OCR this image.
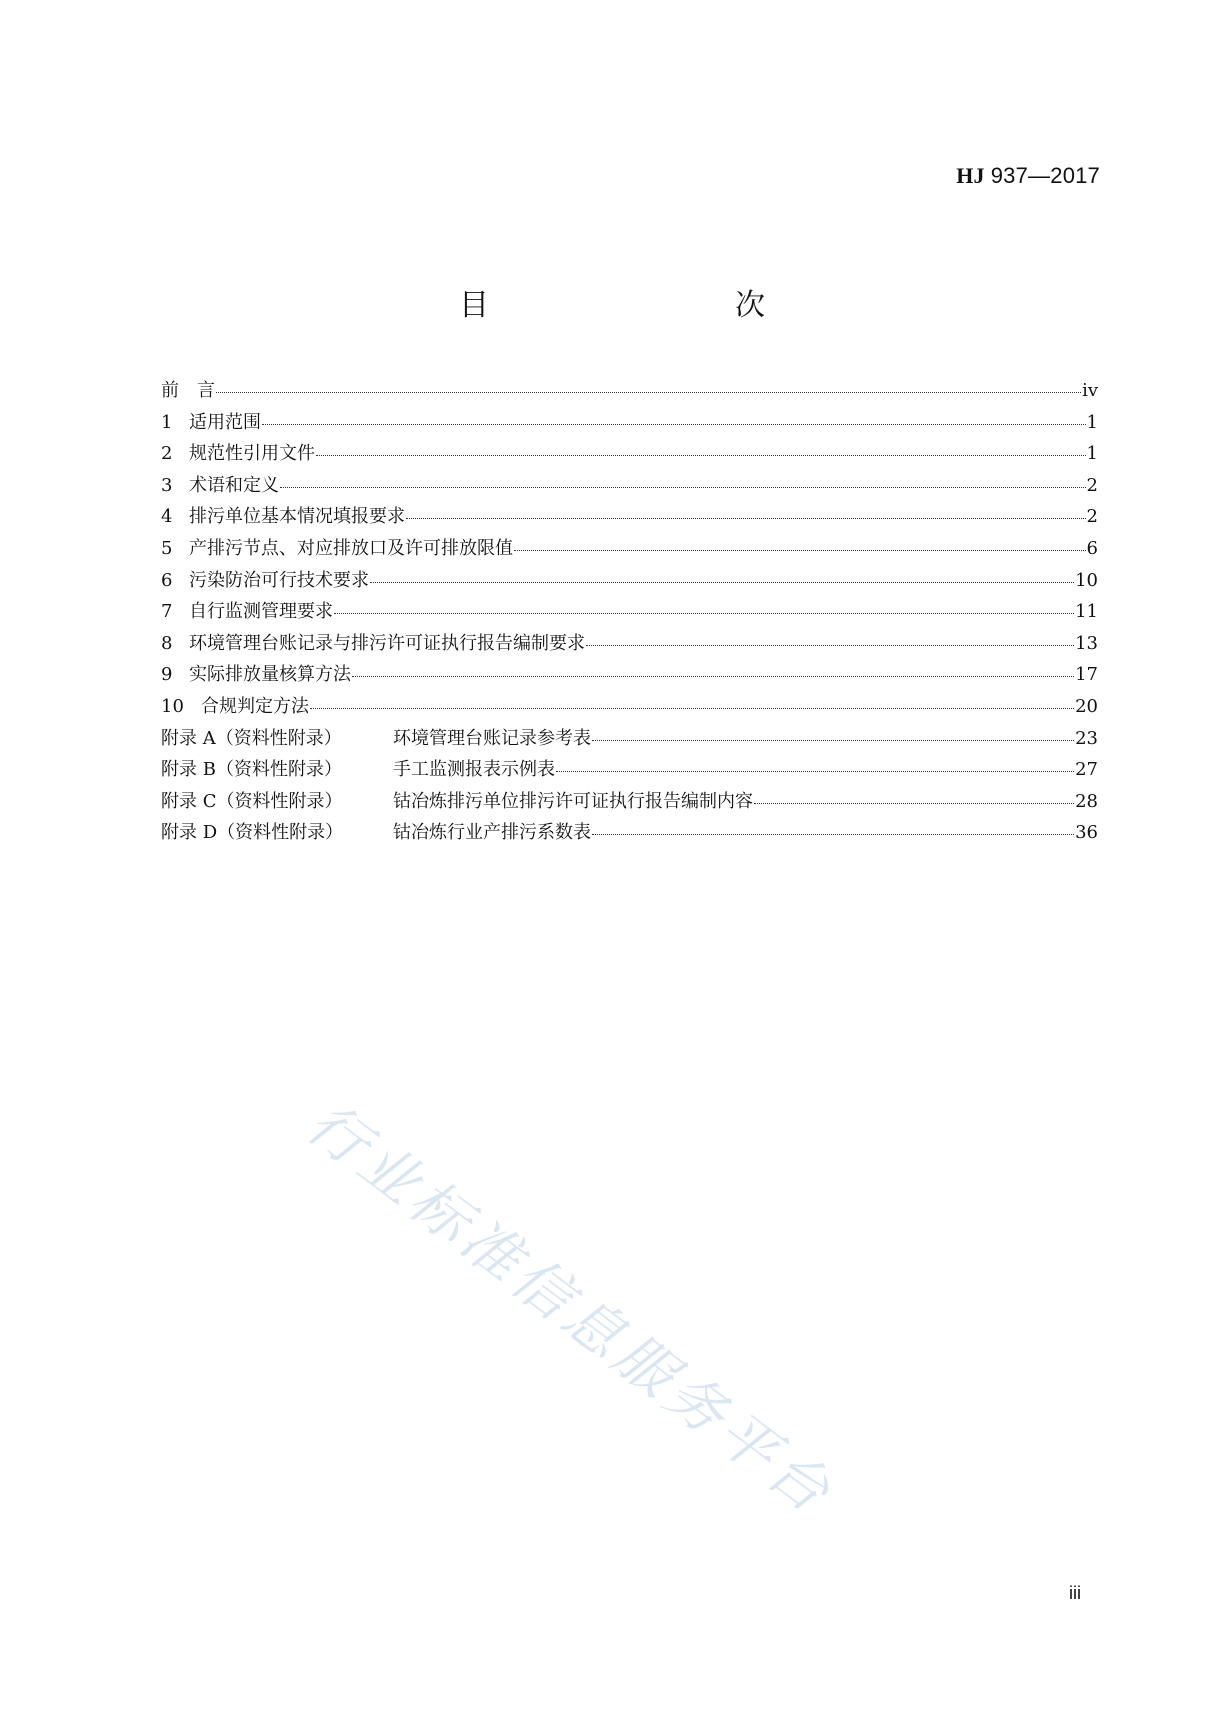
HJ 937—2017
目　　次
前　言	iv
1 适用范围	1
2 规范性引用文件	1
3 术语和定义	2
4 排污单位基本情况填报要求	2
5 产排污节点、对应排放口及许可排放限值	6
6 污染防治可行技术要求	10
7 自行监测管理要求	11
8 环境管理台账记录与排污许可证执行报告编制要求	13
9 实际排放量核算方法	17
10 合规判定方法	20
附录 A（资料性附录）	环境管理台账记录参考表	23
附录 B（资料性附录）	手工监测报表示例表	27
附录 C（资料性附录）	钴冶炼排污单位排污许可证执行报告编制内容	28
附录 D（资料性附录）	钴冶炼行业产排污系数表	36
行业标准信息服务平台
iii
